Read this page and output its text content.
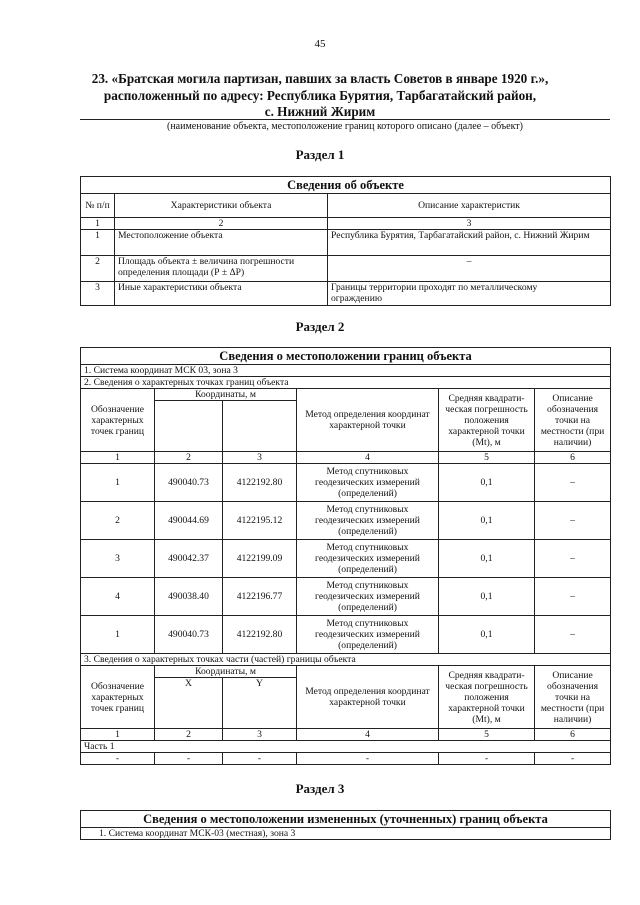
45
23. «Братская могила партизан, павших за власть Советов в январе 1920 г.»,
расположенный по адресу: Республика Бурятия, Тарбагатайский район,
с. Нижний Жирим
(наименование объекта, местоположение границ которого описано (далее – объект)
Раздел 1
Сведения об объекте		
№ п/п	Характеристики объекта	Описание характеристик
1	2	3
1	Местоположение объекта	Республика Бурятия, Тарбагатайский район, с. Нижний Жирим
2	Площадь объекта ± величина погрешности определения площади (Р ± ΔР)	–
3	Иные характеристики объекта	Границы территории проходят по металлическому
ограждению
Раздел 2
Сведения о местоположении границ объекта					
1. Система координат МСК 03, зона 3					
2. Сведения о характерных точках границ объекта					
Обозначение характерных точек границ	Координаты, м		Метод определения координат характерной точки	Средняя квадрати-ческая погрешность положения характерной точки (Mt), м	Описание обозначения точки на местности (при наличии)

1	2	3	4	5	6
1	490040.73	4122192.80	Метод спутниковых геодезических измерений (определений)	0,1	–
2	490044.69	4122195.12	Метод спутниковых геодезических измерений (определений)	0,1	–
3	490042.37	4122199.09	Метод спутниковых геодезических измерений (определений)	0,1	–
4	490038.40	4122196.77	Метод спутниковых геодезических измерений (определений)	0,1	–
1	490040.73	4122192.80	Метод спутниковых геодезических измерений (определений)	0,1	–
3. Сведения о характерных точках части (частей) границы объекта					
Обозначение характерных точек границ	Координаты, м		Метод определения координат характерной точки	Средняя квадрати-ческая погрешность положения характерной точки (Mt), м	Описание обозначения точки на местности (при наличии)
	X	Y			
1	2	3	4	5	6
Часть 1					
-	-	-	-	-	-
Раздел 3
Сведения о местоположении измененных (уточненных) границ объекта
1. Система координат МСК-03 (местная), зона 3
